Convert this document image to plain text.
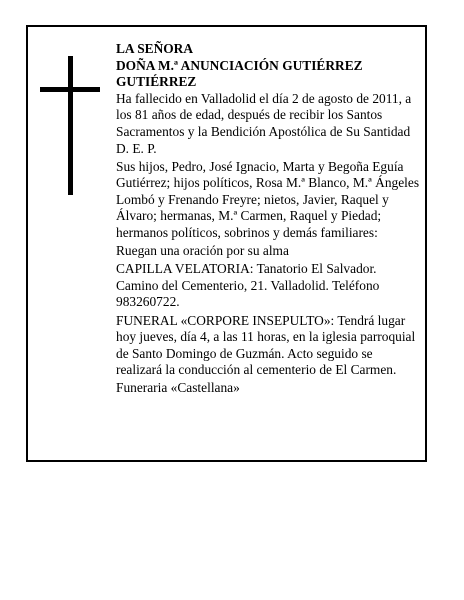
LA SEÑORA

DOÑA M.ª ANUNCIACIÓN GUTIÉRREZ GUTIÉRREZ

Ha fallecido en Valladolid el día 2 de agosto de 2011, a los 81 años de edad, después de recibir los Santos Sacramentos y la Bendición Apostólica de Su Santidad D. E. P.

Sus hijos, Pedro, José Ignacio, Marta y Begoña Eguía Gutiérrez; hijos políticos, Rosa M.ª Blanco, M.ª Ángeles Lombó y Frenando Freyre; nietos, Javier, Raquel y Álvaro; hermanas, M.ª Carmen, Raquel y Piedad; hermanos políticos, sobrinos y demás familiares:

Ruegan una oración por su alma

CAPILLA VELATORIA: Tanatorio El Salvador. Camino del Cementerio, 21. Valladolid. Teléfono 983260722.

FUNERAL «CORPORE INSEPULTO»: Tendrá lugar hoy jueves, día 4, a las 11 horas, en la iglesia parroquial de Santo Domingo de Guzmán. Acto seguido se realizará la conducción al cementerio de El Carmen.

Funeraria «Castellana»
